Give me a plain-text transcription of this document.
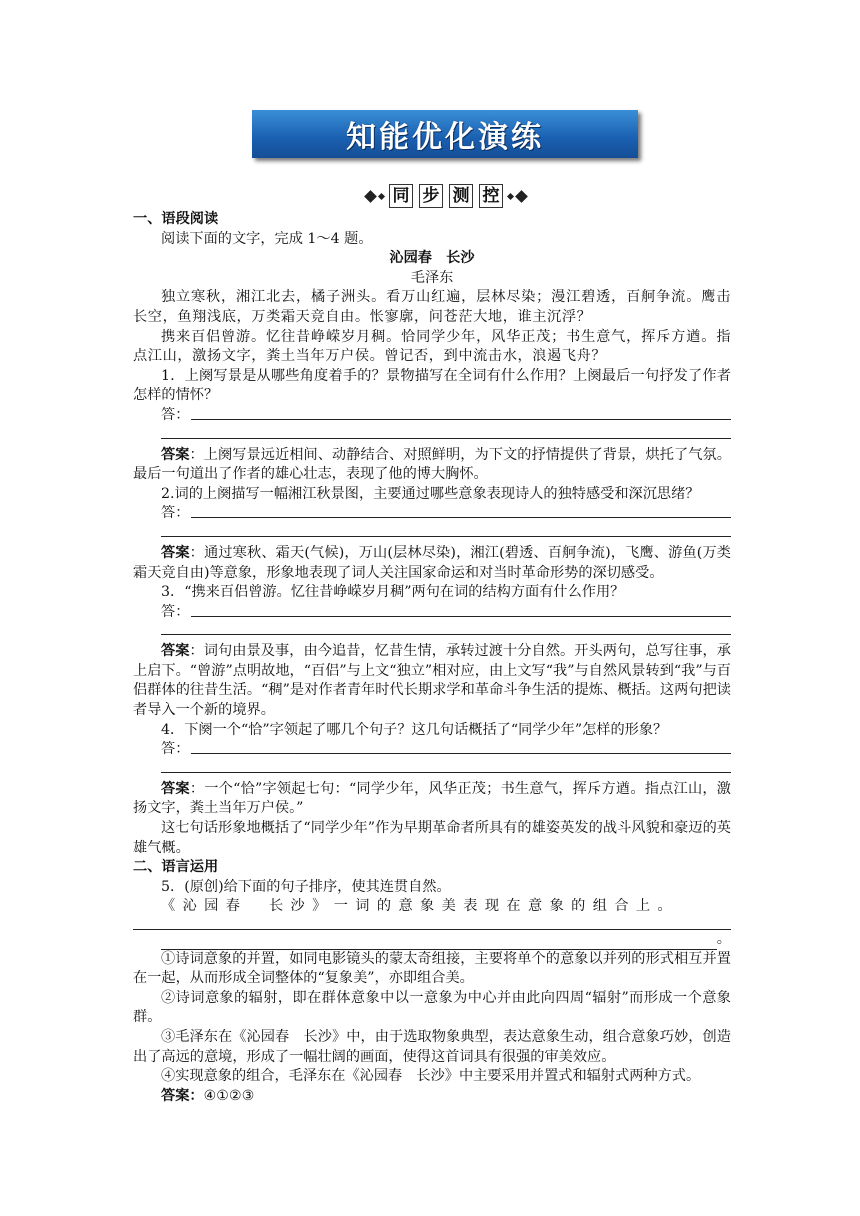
知能优化演练
同 步 测 控

一、语段阅读

阅读下面的文字，完成 1～4 题。

沁园春　长沙

毛泽东

独立寒秋，湘江北去，橘子洲头。看万山红遍，层林尽染；漫江碧透，百舸争流。鹰击长空，鱼翔浅底，万类霜天竞自由。怅寥廓，问苍茫大地，谁主沉浮？

携来百侣曾游。忆往昔峥嵘岁月稠。恰同学少年，风华正茂；书生意气，挥斥方遒。指点江山，激扬文字，粪土当年万户侯。曾记否，到中流击水，浪遏飞舟？

1．上阕写景是从哪些角度着手的？景物描写在全词有什么作用？上阕最后一句抒发了作者怎样的情怀？

答：

答案：上阕写景远近相间、动静结合、对照鲜明，为下文的抒情提供了背景，烘托了气氛。最后一句道出了作者的雄心壮志，表现了他的博大胸怀。

2.词的上阕描写一幅湘江秋景图，主要通过哪些意象表现诗人的独特感受和深沉思绪？

答：

答案：通过寒秋、霜天(气候)，万山(层林尽染)，湘江(碧透、百舸争流)，飞鹰、游鱼(万类霜天竞自由)等意象，形象地表现了词人关注国家命运和对当时革命形势的深切感受。

3．“携来百侣曾游。忆往昔峥嵘岁月稠”两句在词的结构方面有什么作用？

答：

答案：词句由景及事，由今追昔，忆昔生情，承转过渡十分自然。开头两句，总写往事，承上启下。“曾游”点明故地，“百侣”与上文“独立”相对应，由上文写“我”与自然风景转到“我”与百侣群体的往昔生活。“稠”是对作者青年时代长期求学和革命斗争生活的提炼、概括。这两句把读者导入一个新的境界。

4．下阕一个“恰”字领起了哪几个句子？这几句话概括了“同学少年”怎样的形象？

答：

答案：一个“恰”字领起七句：“同学少年，风华正茂；书生意气，挥斥方遒。指点江山，激扬文字，粪土当年万户侯。”

这七句话形象地概括了“同学少年”作为早期革命者所具有的雄姿英发的战斗风貌和豪迈的英雄气概。

二、语言运用

5．(原创)给下面的句子排序，使其连贯自然。

《沁园春　长沙》一词的意象美表现在意象的组合上。

。

①诗词意象的并置，如同电影镜头的蒙太奇组接，主要将单个的意象以并列的形式相互并置在一起，从而形成全词整体的“复象美”，亦即组合美。

②诗词意象的辐射，即在群体意象中以一意象为中心并由此向四周“辐射”而形成一个意象群。

③毛泽东在《沁园春　长沙》中，由于选取物象典型，表达意象生动，组合意象巧妙，创造出了高远的意境，形成了一幅壮阔的画面，使得这首词具有很强的审美效应。

④实现意象的组合，毛泽东在《沁园春　长沙》中主要采用并置式和辐射式两种方式。

答案：④①②③
